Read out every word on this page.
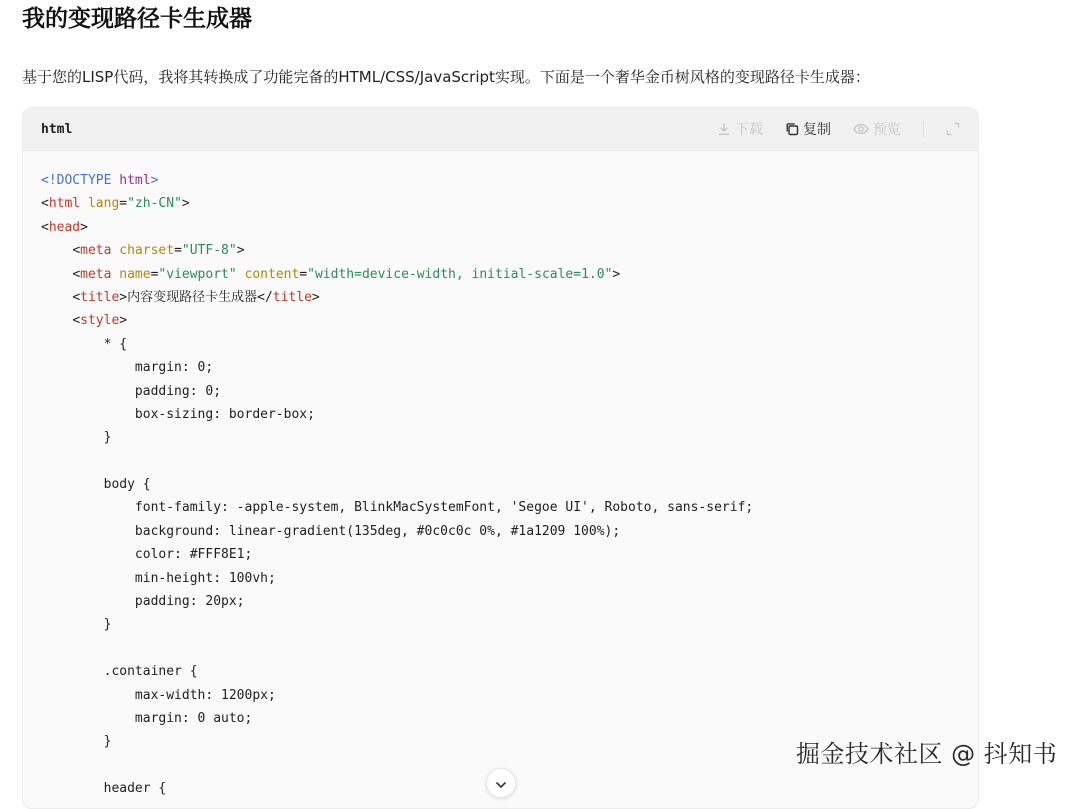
我的变现路径卡生成器

基于您的LISP代码，我将其转换成了功能完备的HTML/CSS/JavaScript实现。下面是一个奢华金币树风格的变现路径卡生成器：

html	下载	复制	预览
<!DOCTYPE html>
<html lang="zh-CN">
<head>
<meta charset="UTF-8">
<meta name="viewport" content="width=device-width, initial-scale=1.0">
<title>内容变现路径卡生成器</title>
<style>
* {
margin: 0;
padding: 0;
box-sizing: border-box;
}
body {
font-family: -apple-system, BlinkMacSystemFont, 'Segoe UI', Roboto, sans-serif;
background: linear-gradient(135deg, #0c0c0c 0%, #1a1209 100%);
color: #FFF8E1;
min-height: 100vh;
padding: 20px;
}
.container {
max-width: 1200px;
margin: 0 auto;
}
header {
掘金技术社区 @ 抖知书
